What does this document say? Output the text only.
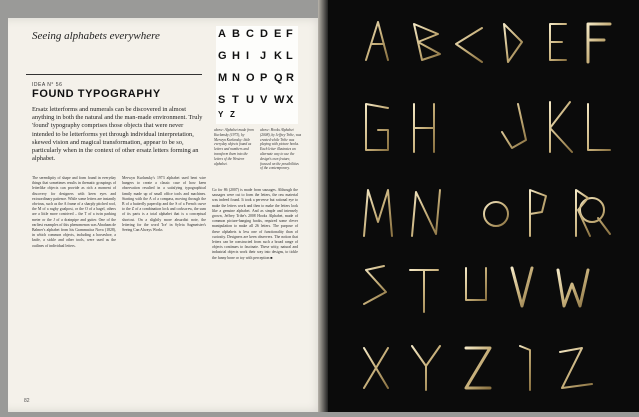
Seeing alphabets everywhere	A B C D E F
G H I J K L
M N O P Q R
S T U V W X
Y Z
IDEA N° 56
FOUND TYPOGRAPHY
Ersatz letterforms and numerals can be discovered in almost anything in both the natural and the man-made environment. Truly 'found' typography comprises those objects that were never intended to be letterforms yet through individual interpretation, skewed vision and magical transformation, appear to be so, particularly when in the context of other ersatz letters forming an alphabet.
above: Alphabet made from Kurlansky (1973), by Merwyn Kurlansky: little everyday objects found as letters and numbers and transform them into the letters of the Western alphabet.
above: Hooks Alphabet (2008), by Jeffrey Tribe, was created while Tribe was playing with picture hooks. Each letter illustrates an alternate way to use the design's own feature, focused on the possibilities of the contemporary.
The serendipity of shape and form found in everyday things that sometimes results in thematic groupings of letterlike objects can provide as rich a moment of discovery for designers with keen eyes and extraordinary patience. While some letters are instantly obvious, such as the A frame of a sharply pitched roof, the M of a rugby goalpost, or the O of a bagel, others are a little more contrived – the T of a twin parking meter or the J of a drainpipe and gutter. One of the earliest examples of this phenomenon was Abraham de Balmer's alphabet from his Grammatica Nova (1828), in which common objects, including a horseshoe, a knife, a sickle and other tools, were used as the outlines of individual letters.
Merwyn Kurlansky's 1973 alphabet used bent wire hangers to create a classic case of how keen observation resulted in a satisfying typographical family made up of small office tools and machines. Starting with the A of a compass, moving through the B of a butterfly paperclip and the S of a French curve to the Z of a combination lock and corkscrew, the sum of its parts is a total alphabet that is a conceptual shortcut. On a slightly more absurdist note, the lettering for the word 'Ice' in Sylvia Sagmeister's Seeing Can Always Works
Go for 86 (2007) is made from sausages. Although the sausages were cut to form the letters, the raw material was indeed found. It took a perverse but rational eye to make the letters work and then to make the letters look like a genuine alphabet. And as simple and intensely grown, Jeffrey Tribe's 2008 Hooks Alphabet, made of common picture-hanging hooks, required some clever manipulation to make all 26 letters. The purpose of these alphabets is less one of functionality than of curiosity. Designers are keen observers. The notion that letters can be constructed from such a broad range of objects continues to fascinate. These witty, natural and industrial objects work their way into designs, to tickle the funny bone or toy with perception ■
82
